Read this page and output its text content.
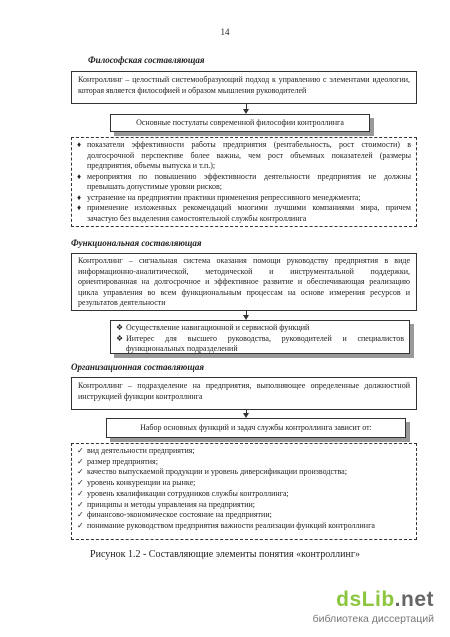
14
Философская составляющая
Контроллинг – целостный системообразующий подход к управлению с элементами идеологии, которая является философией и образом мышления руководителей
Основные постулаты современной философии контроллинга
♦ показатели эффективности работы предприятия (рентабельность, рост стоимости) в долгосрочной перспективе более важны, чем рост объемных показателей (размеры предприятия, объемы выпуска и т.п.);
♦ мероприятия по повышению эффективности деятельности предприятия не должны превышать допустимые уровни рисков;
♦ устранение на предприятии практики применения репрессивного менеджмента;
♦ применение изложенных рекомендаций многими лучшими компаниями мира, причем зачастую без выделения самостоятельной службы контроллинга
Функциональная составляющая
Контроллинг – сигнальная система оказания помощи руководству предприятия в виде информационно-аналитической, методической и инструментальной поддержки, ориентированная на долгосрочное и эффективное развитие и обеспечивающая реализацию цикла управления во всем функциональным процессам на основе измерения ресурсов и результатов деятельности
❖ Осуществление навигационной и сервисной функций
❖ Интерес для высшего руководства, руководителей и специалистов функциональных подразделений
Организационная составляющая
Контроллинг – подразделение на предприятия, выполняющее определенные должностной инструкцией функции контроллинга
Набор основных функций и задач службы контроллинга зависит от:
✓ вид деятельности предприятия;
✓ размер предприятия;
✓ качество выпускаемой продукции и уровень диверсификации производства;
✓ уровень конкуренции на рынке;
✓ уровень квалификации сотрудников службы контроллинга;
✓ принципы и методы управления на предприятии;
✓ финансово-экономическое состояние на предприятии;
✓ понимание руководством предприятия важности реализации функций контроллинга
Рисунок 1.2 - Составляющие элементы понятия «контроллинг»
dsLib.net
библиотека диссертаций
